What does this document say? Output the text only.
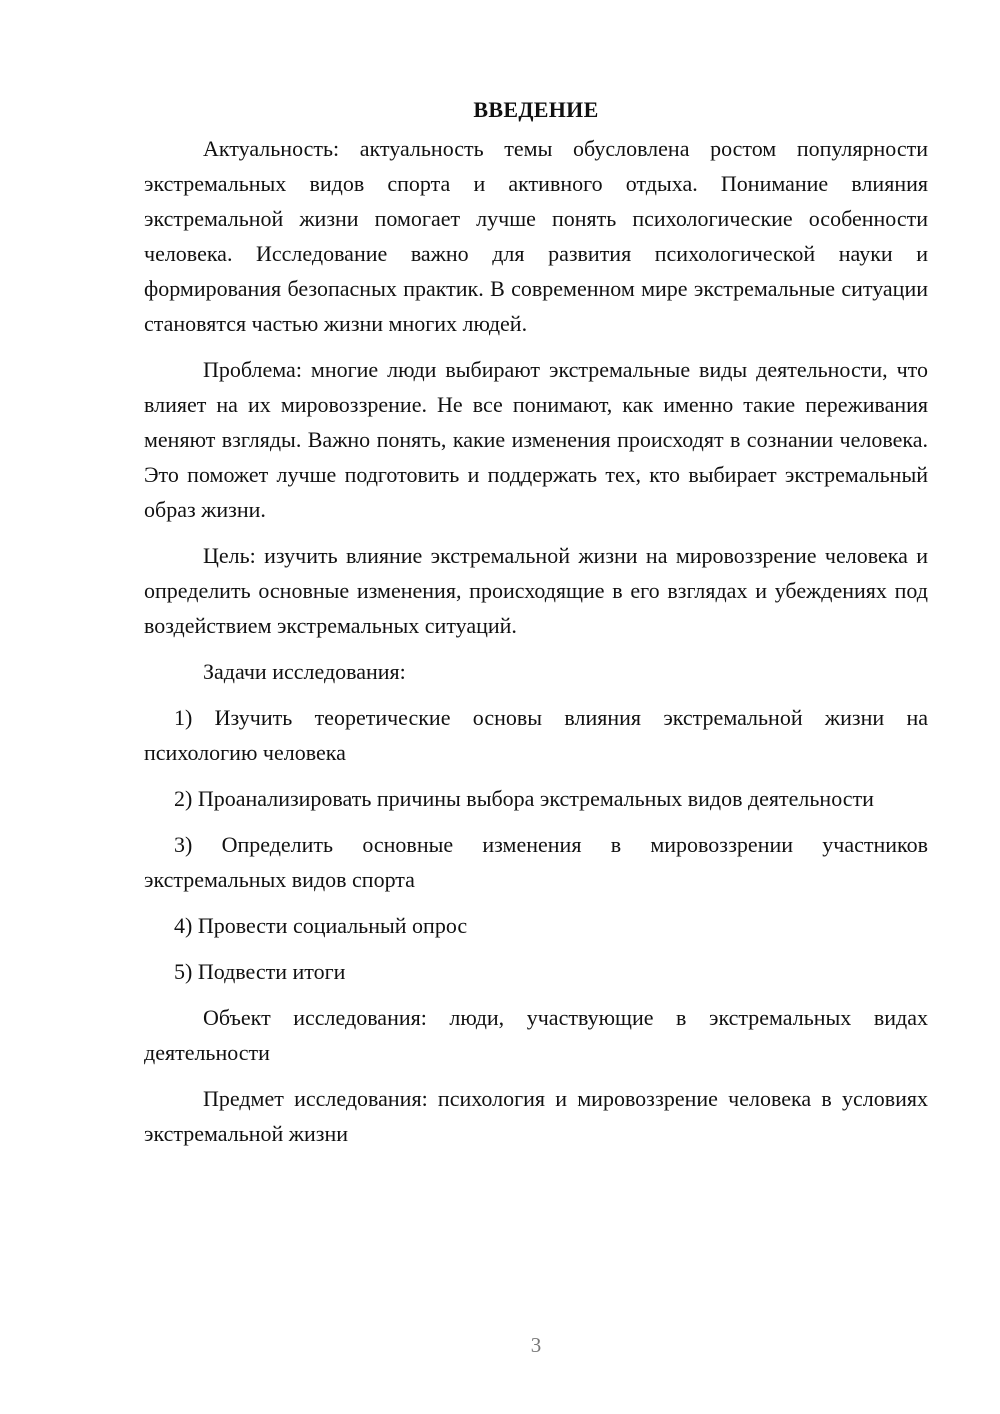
ВВЕДЕНИЕ

Актуальность: актуальность темы обусловлена ростом популярности экстремальных видов спорта и активного отдыха. Понимание влияния экстремальной жизни помогает лучше понять психологические особенности человека. Исследование важно для развития психологической науки и формирования безопасных практик. В современном мире экстремальные ситуации становятся частью жизни многих людей.

Проблема: многие люди выбирают экстремальные виды деятельности, что влияет на их мировоззрение. Не все понимают, как именно такие переживания меняют взгляды. Важно понять, какие изменения происходят в сознании человека. Это поможет лучше подготовить и поддержать тех, кто выбирает экстремальный образ жизни.

Цель: изучить влияние экстремальной жизни на мировоззрение человека и определить основные изменения, происходящие в его взглядах и убеждениях под воздействием экстремальных ситуаций.

Задачи исследования:

1) Изучить теоретические основы влияния экстремальной жизни на психологию человека

2) Проанализировать причины выбора экстремальных видов деятельности

3) Определить основные изменения в мировоззрении участников экстремальных видов спорта

4) Провести социальный опрос

5) Подвести итоги

Объект исследования: люди, участвующие в экстремальных видах деятельности

Предмет исследования: психология и мировоззрение человека в условиях экстремальной жизни

3
